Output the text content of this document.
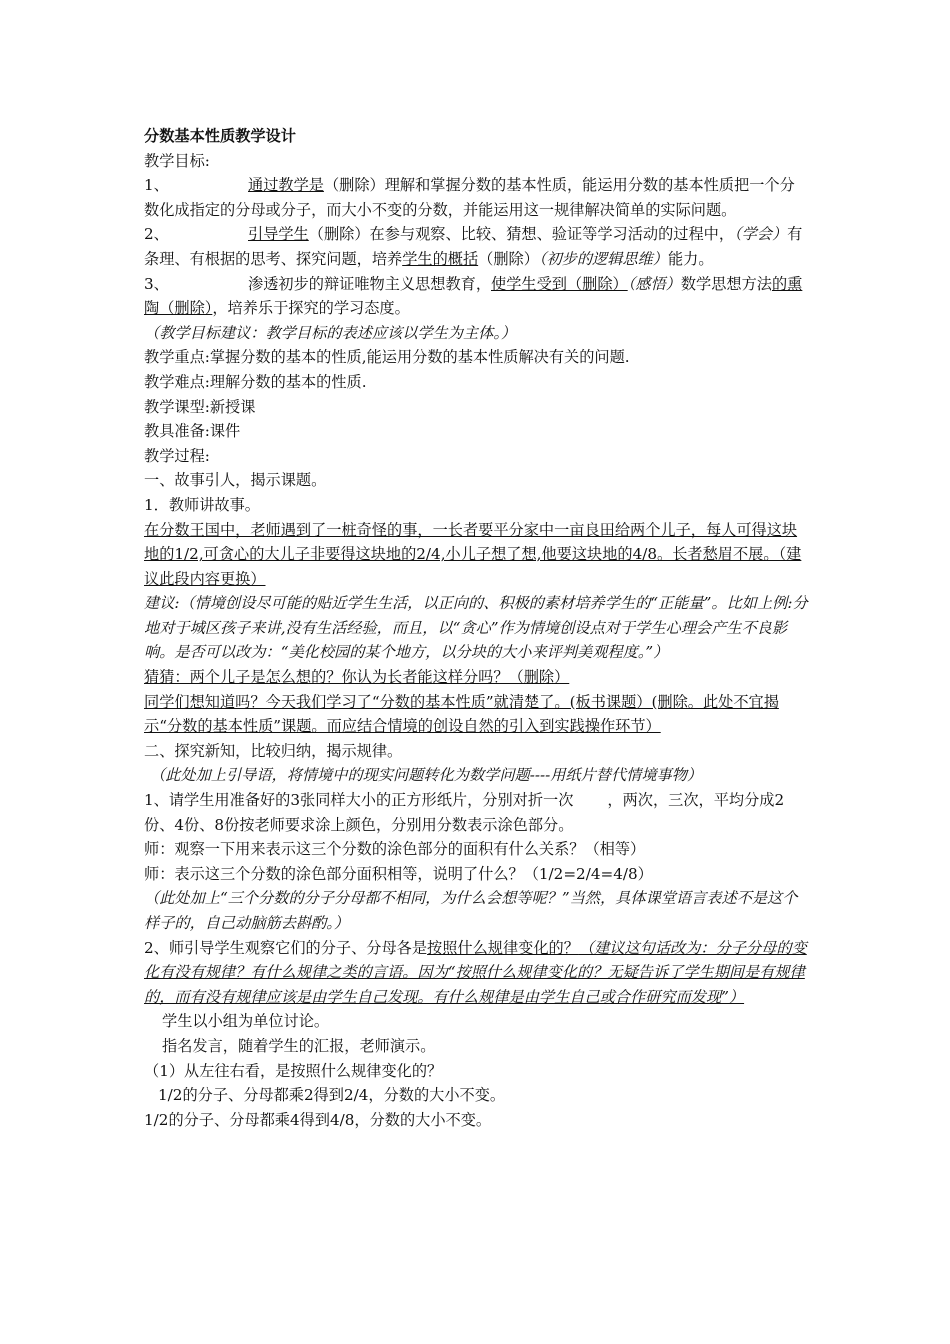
分数基本性质教学设计
教学目标:
1、	通过教学是（删除）理解和掌握分数的基本性质，能运用分数的基本性质把一个分数化成指定的分母或分子，而大小不变的分数，并能运用这一规律解决简单的实际问题。
2、	引导学生（删除）在参与观察、比较、猜想、验证等学习活动的过程中，（学会）有条理、有根据的思考、探究问题，培养学生的概括（删除）（初步的逻辑思维）能力。
3、	渗透初步的辩证唯物主义思想教育，使学生受到（删除）（感悟）数学思想方法的熏陶（删除），培养乐于探究的学习态度。
（教学目标建议：教学目标的表述应该以学生为主体。）
教学重点:掌握分数的基本的性质,能运用分数的基本性质解决有关的问题.
教学难点:理解分数的基本的性质.
教学课型:新授课
教具准备:课件
教学过程:
一、故事引人，揭示课题。
1．教师讲故事。
在分数王国中，老师遇到了一桩奇怪的事，一长者要平分家中一亩良田给两个儿子，每人可得这块地的1/2,可贪心的大儿子非要得这块地的2/4,小儿子想了想,他要这块地的4/8。长者愁眉不展。（建议此段内容更换）
建议:（情境创设尽可能的贴近学生生活，以正向的、积极的素材培养学生的“正能量”。比如上例:分地对于城区孩子来讲,没有生活经验，而且，以“贪心”作为情境创设点对于学生心理会产生不良影响。是否可以改为：“美化校园的某个地方，以分块的大小来评判美观程度。”）
猜猜：两个儿子是怎么想的？你认为长者能这样分吗？（删除）
同学们想知道吗？今天我们学习了“分数的基本性质”就清楚了。(板书课题）(删除。此处不宜揭示“分数的基本性质”课题。而应结合情境的创设自然的引入到实践操作环节）
二、探究新知，比较归纳，揭示规律。
（此处加上引导语，将情境中的现实问题转化为数学问题----用纸片替代情境事物）
1、请学生用准备好的3张同样大小的正方形纸片，分别对折一次 ，两次，三次，平均分成2份、4份、8份按老师要求涂上颜色，分别用分数表示涂色部分。
师：观察一下用来表示这三个分数的涂色部分的面积有什么关系？（相等）
师：表示这三个分数的涂色部分面积相等，说明了什么？（1/2=2/4=4/8）
（此处加上“三个分数的分子分母都不相同，为什么会想等呢？”当然，具体课堂语言表述不是这个样子的，自己动脑筋去斟酌。）
2、师引导学生观察它们的分子、分母各是按照什么规律变化的？（建议这句话改为：分子分母的变化有没有规律？有什么规律之类的言语。因为“按照什么规律变化的？无疑告诉了学生期间是有规律的，而有没有规律应该是由学生自己发现。有什么规律是由学生自己或合作研究而发现”）
学生以小组为单位讨论。
指名发言，随着学生的汇报，老师演示。
（1）从左往右看，是按照什么规律变化的？
1/2的分子、分母都乘2得到2/4，分数的大小不变。
1/2的分子、分母都乘4得到4/8，分数的大小不变。
